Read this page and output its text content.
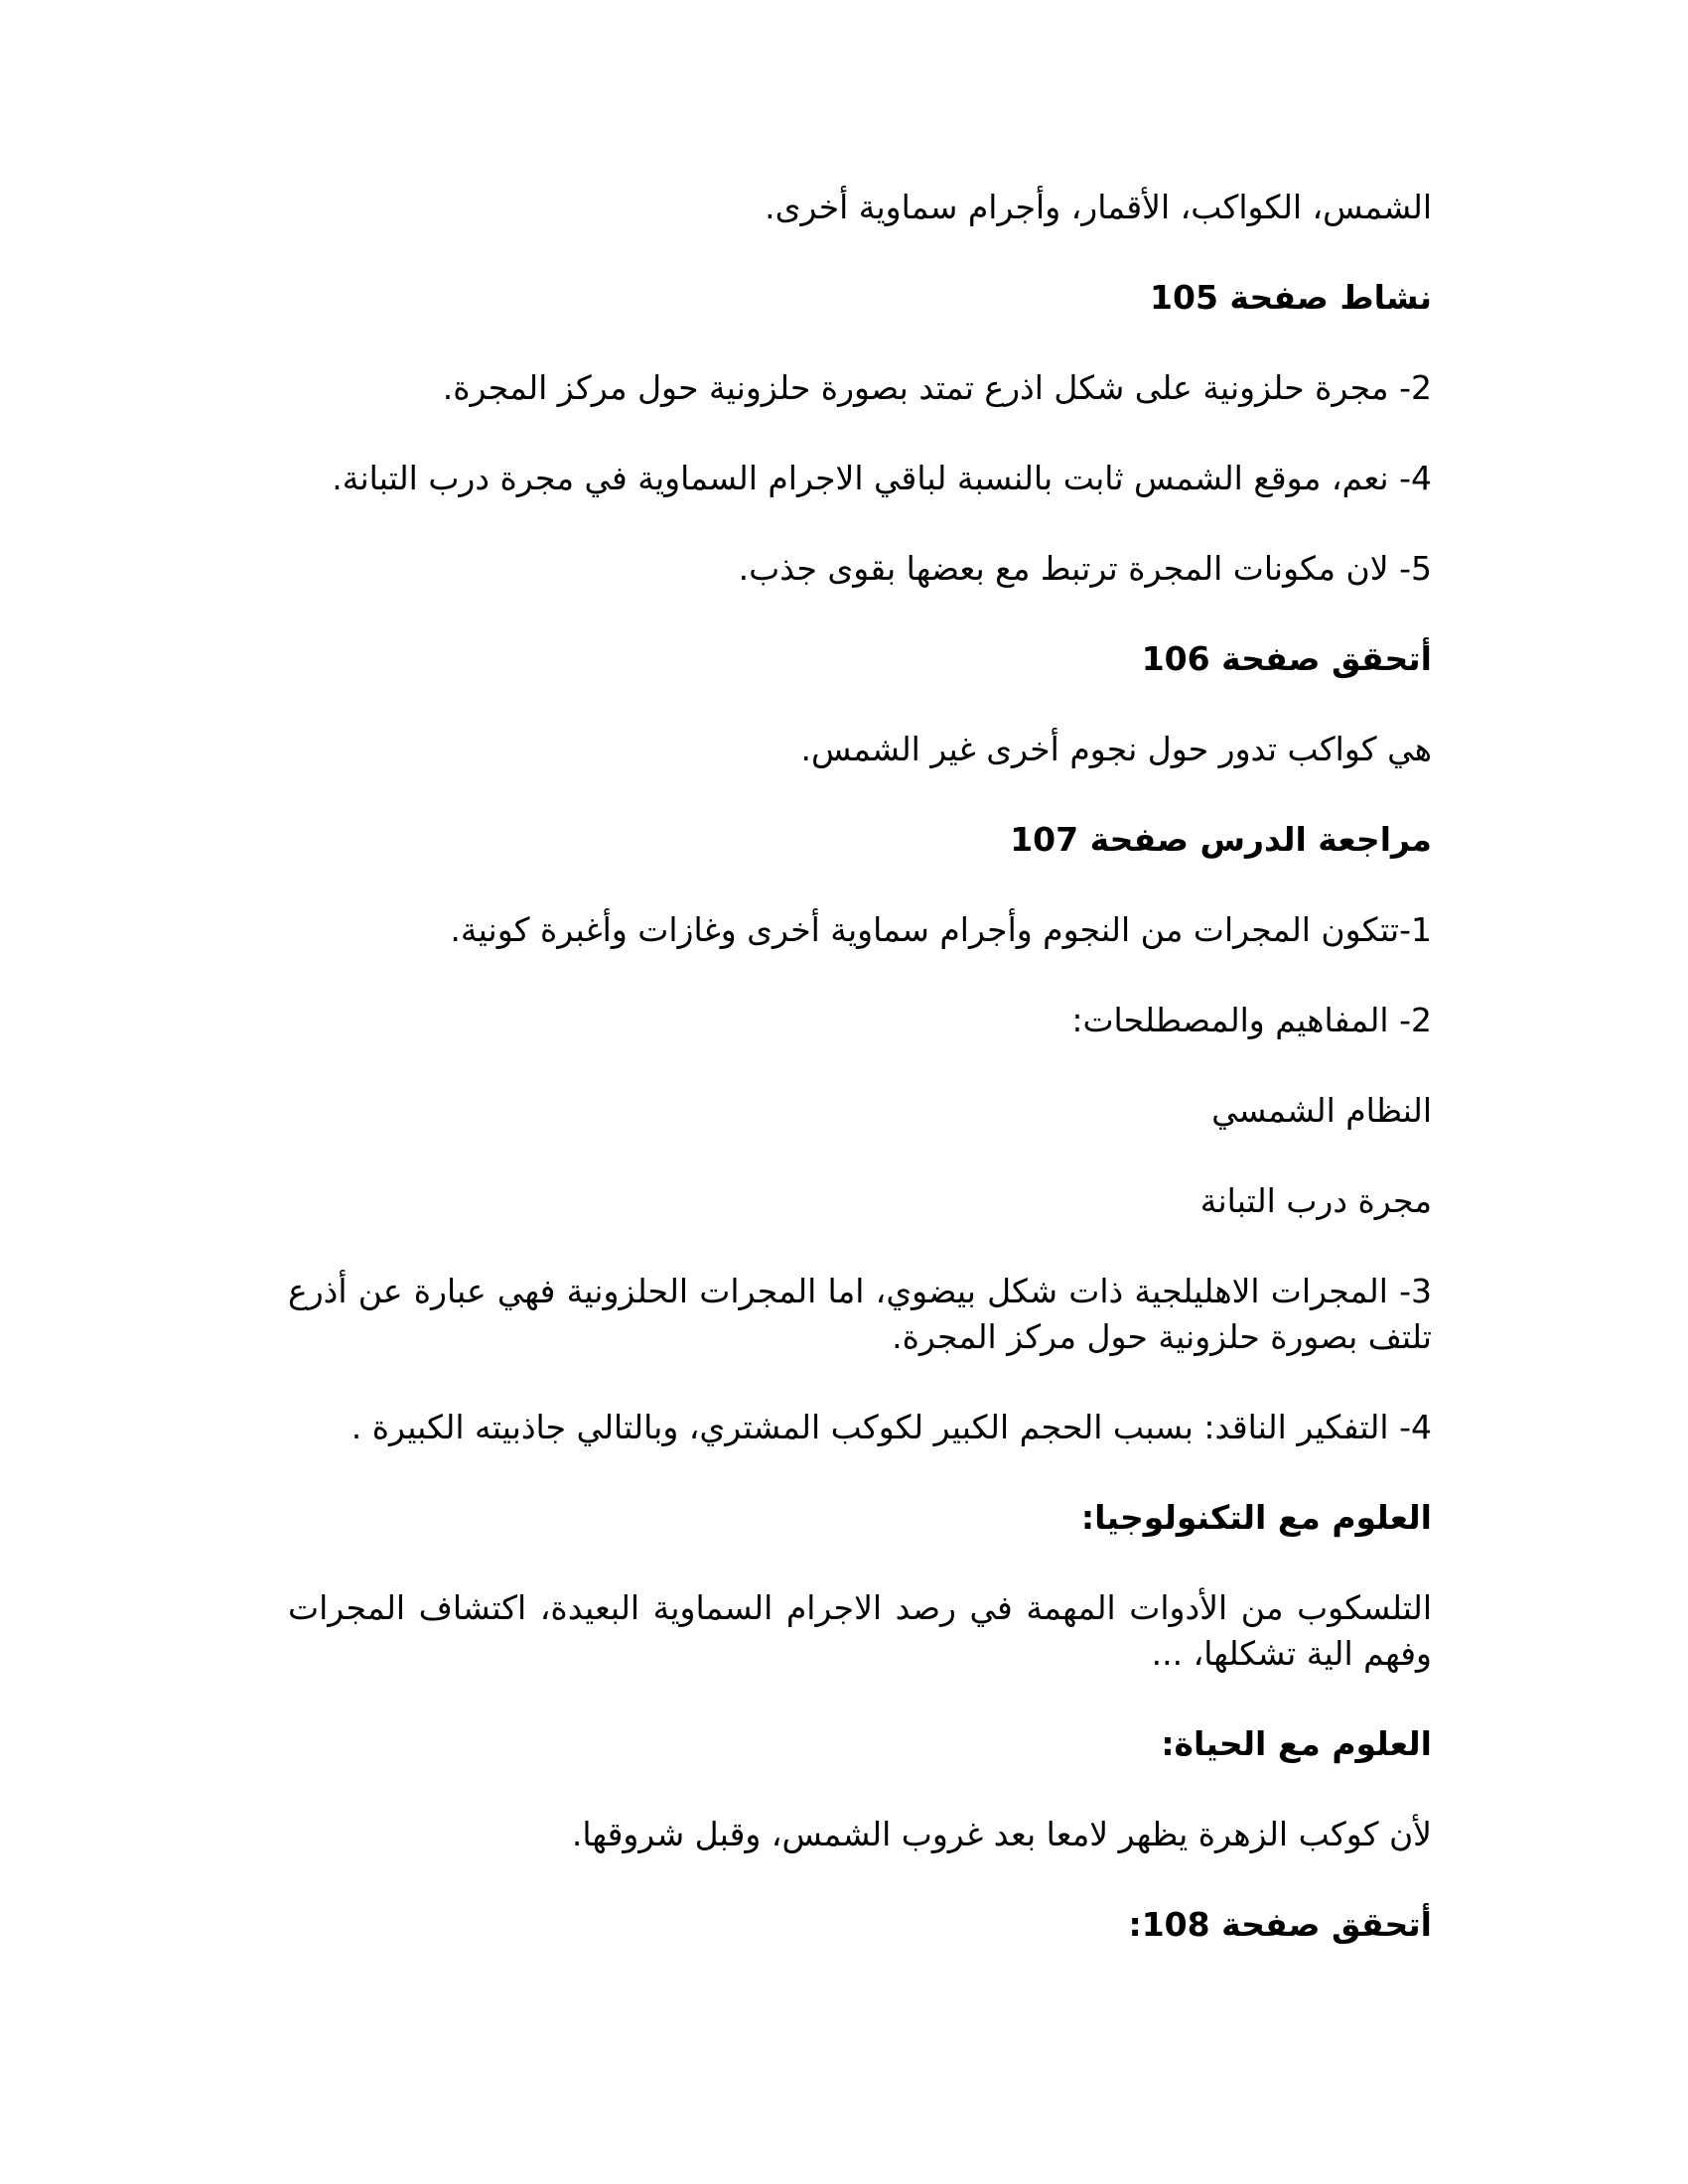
الشمس، الكواكب، الأقمار، وأجرام سماوية أخرى.

نشاط صفحة 105

2- مجرة حلزونية على شكل اذرع تمتد بصورة حلزونية حول مركز المجرة.

4- نعم، موقع الشمس ثابت بالنسبة لباقي الاجرام السماوية في مجرة درب التبانة.

5- لان مكونات المجرة ترتبط مع بعضها بقوى جذب.

أتحقق صفحة 106

هي كواكب تدور حول نجوم أخرى غير الشمس.

مراجعة الدرس صفحة 107

1-تتكون المجرات من النجوم وأجرام سماوية أخرى وغازات وأغبرة كونية.

2- المفاهيم والمصطلحات:

النظام الشمسي

مجرة درب التبانة

3- المجرات الاهليلجية ذات شكل بيضوي، اما المجرات الحلزونية فهي عبارة عن أذرع تلتف بصورة حلزونية حول مركز المجرة.

4- التفكير الناقد: بسبب الحجم الكبير لكوكب المشتري، وبالتالي جاذبيته الكبيرة .

العلوم مع التكنولوجيا:

التلسكوب من الأدوات المهمة في رصد الاجرام السماوية البعيدة، اكتشاف المجرات وفهم الية تشكلها، ...

العلوم مع الحياة:

لأن كوكب الزهرة يظهر لامعا بعد غروب الشمس، وقبل شروقها.

أتحقق صفحة 108:
